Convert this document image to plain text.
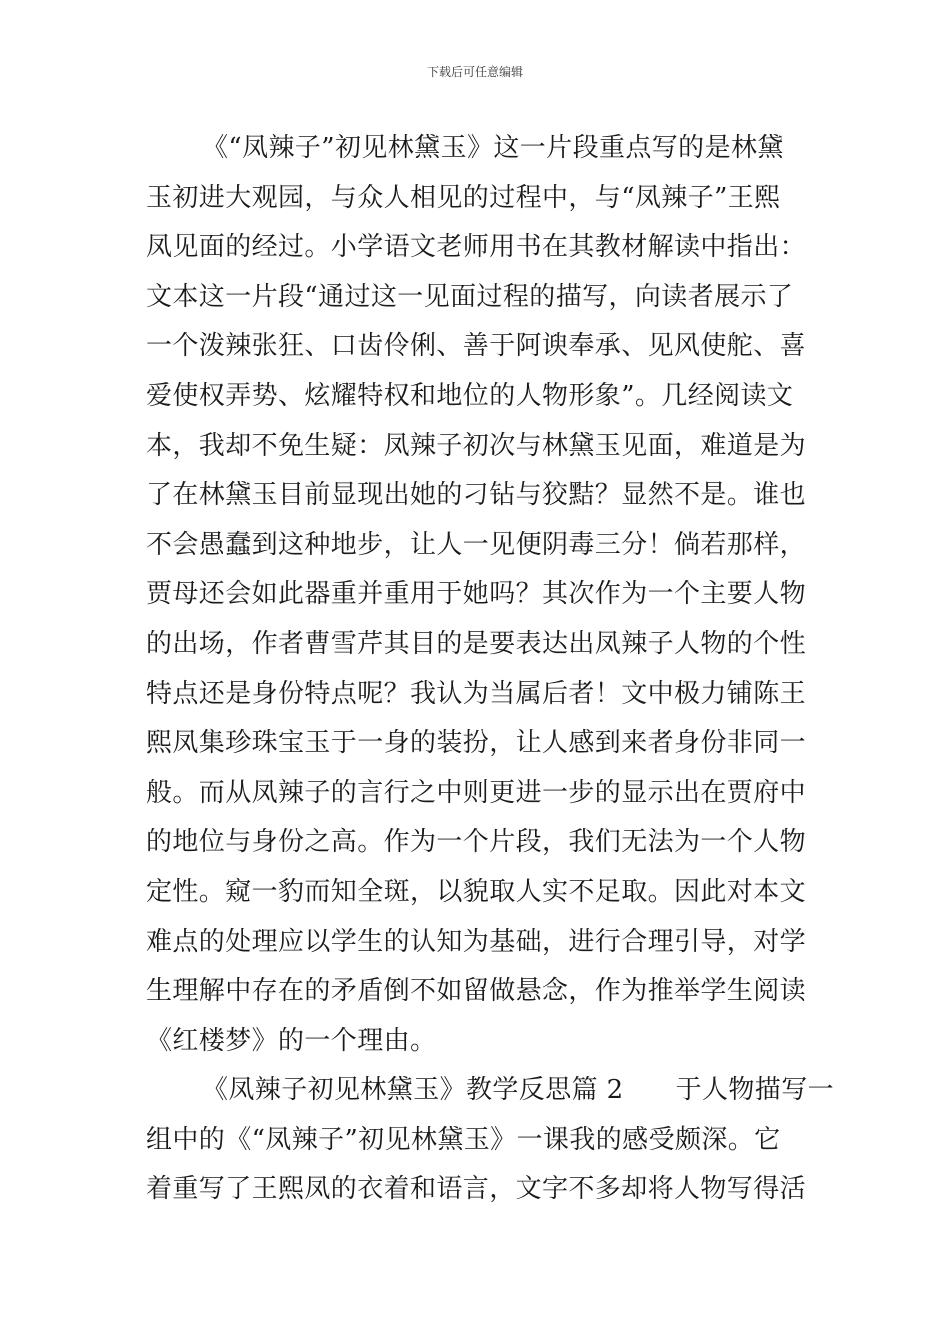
下载后可任意编辑
《“凤辣子”初见林黛玉》这一片段重点写的是林黛
玉初进大观园，与众人相见的过程中，与“凤辣子”王熙
凤见面的经过。小学语文老师用书在其教材解读中指出：
文本这一片段“通过这一见面过程的描写，向读者展示了
一个泼辣张狂、口齿伶俐、善于阿谀奉承、见风使舵、喜
爱使权弄势、炫耀特权和地位的人物形象”。几经阅读文
本，我却不免生疑：凤辣子初次与林黛玉见面，难道是为
了在林黛玉目前显现出她的刁钻与狡黠？显然不是。谁也
不会愚蠢到这种地步，让人一见便阴毒三分！倘若那样，
贾母还会如此器重并重用于她吗？其次作为一个主要人物
的出场，作者曹雪芹其目的是要表达出凤辣子人物的个性
特点还是身份特点呢？我认为当属后者！文中极力铺陈王
熙凤集珍珠宝玉于一身的装扮，让人感到来者身份非同一
般。而从凤辣子的言行之中则更进一步的显示出在贾府中
的地位与身份之高。作为一个片段，我们无法为一个人物
定性。窥一豹而知全斑，以貌取人实不足取。因此对本文
难点的处理应以学生的认知为基础，进行合理引导，对学
生理解中存在的矛盾倒不如留做悬念，作为推举学生阅读
《红楼梦》的一个理由。
《凤辣子初见林黛玉》教学反思篇 2      于人物描写一
组中的《“凤辣子”初见林黛玉》一课我的感受颇深。它
着重写了王熙凤的衣着和语言，文字不多却将人物写得活
